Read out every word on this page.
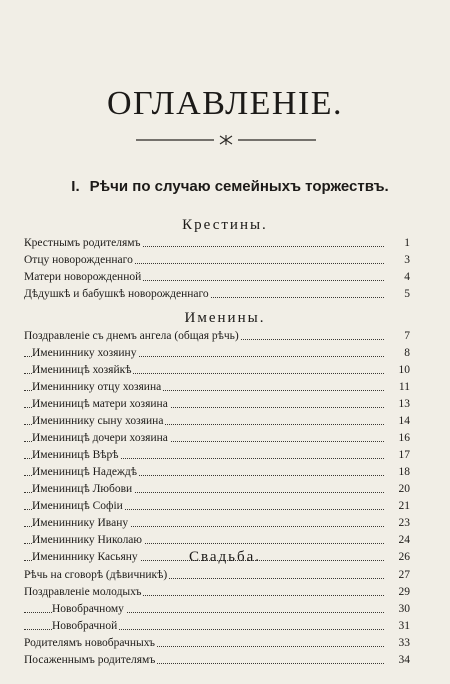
ОГЛАВЛЕНІЕ.
I. Рѣчи по случаю семейныхъ торжествъ.
Крестины.
Крестнымъ родителямъ	1
Отцу новорожденнаго	3
Матери новорожденной	4
Дѣдушкѣ и бабушкѣ новорожденнаго	5
Именины.
Поздравленіе съ днемъ ангела (общая рѣчь)	7
Имениннику хозяину	8
Имениницѣ хозяйкѣ	10
Имениннику отцу хозяина	11
Имениницѣ матери хозяина	13
Имениннику сыну хозяина	14
Имениницѣ дочери хозяина	16
Имениницѣ Вѣрѣ	17
Имениницѣ Надеждѣ	18
Имениницѣ Любови	20
Имениницѣ Софіи	21
Имениннику Ивану	23
Имениннику Николаю	24
Имениннику Касьяну	26
Свадьба.
Рѣчь на сговорѣ (дѣвичникѣ)	27
Поздравленіе молодыхъ	29
Новобрачному	30
Новобрачной	31
Родителямъ новобрачныхъ	33
Посаженнымъ родителямъ	34
